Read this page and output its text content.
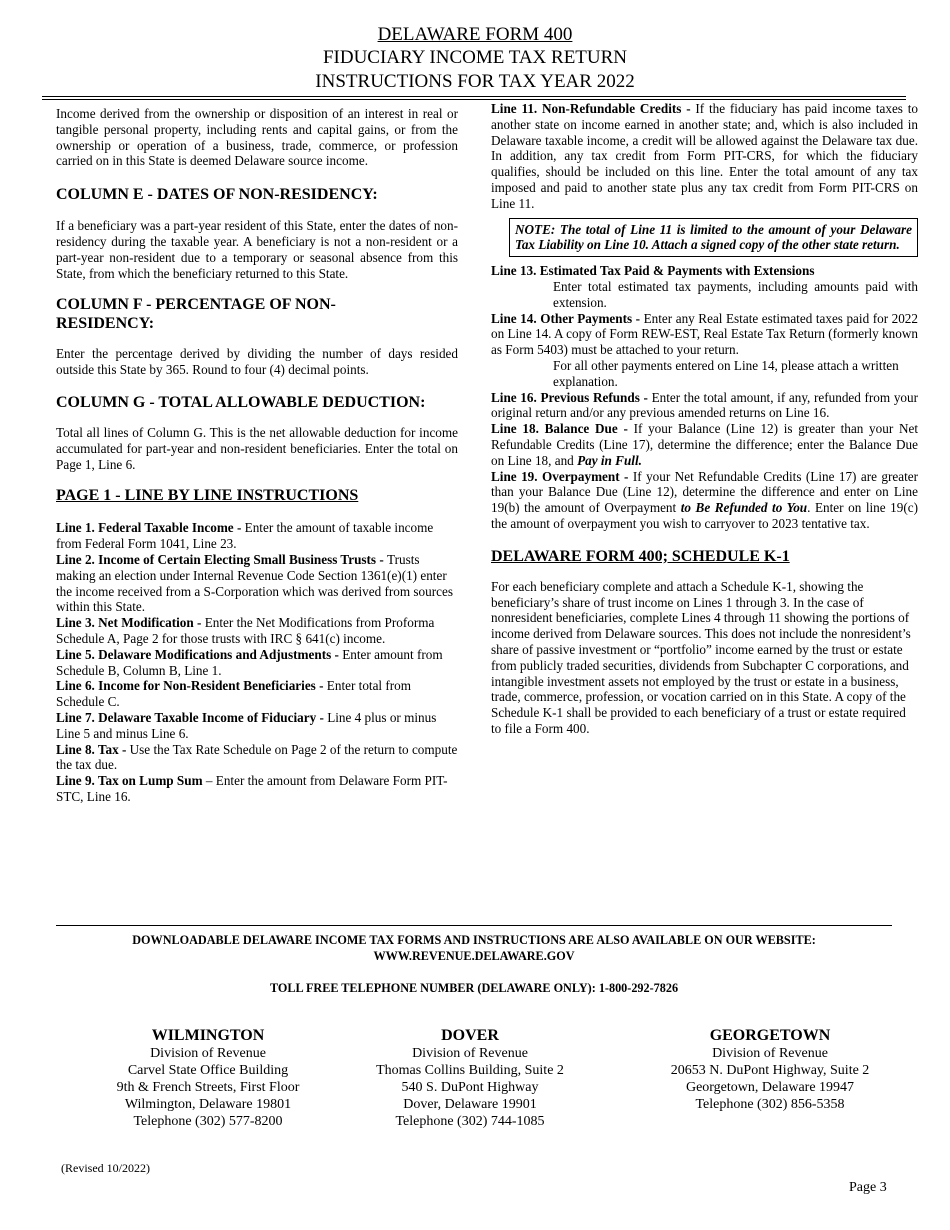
DELAWARE FORM 400
FIDUCIARY INCOME TAX RETURN
INSTRUCTIONS FOR TAX YEAR 2022

Income derived from the ownership or disposition of an interest in real or tangible personal property, including rents and capital gains, or from the ownership or operation of a business, trade, commerce, or profession carried on in this State is deemed Delaware source income.

COLUMN E - DATES OF NON-RESIDENCY:

If a beneficiary was a part-year resident of this State, enter the dates of non-residency during the taxable year. A beneficiary is not a non-resident or a part-year non-resident due to a temporary or seasonal absence from this State, from which the beneficiary returned to this State.

COLUMN F - PERCENTAGE OF NON-RESIDENCY:

Enter the percentage derived by dividing the number of days resided outside this State by 365. Round to four (4) decimal points.

COLUMN G - TOTAL ALLOWABLE DEDUCTION:

Total all lines of Column G. This is the net allowable deduction for income accumulated for part-year and non-resident beneficiaries. Enter the total on Page 1, Line 6.

PAGE 1 - LINE BY LINE INSTRUCTIONS

Line 1. Federal Taxable Income - Enter the amount of taxable income from Federal Form 1041, Line 23.

Line 2. Income of Certain Electing Small Business Trusts - Trusts making an election under Internal Revenue Code Section 1361(e)(1) enter the income received from a S-Corporation which was derived from sources within this State.

Line 3. Net Modification - Enter the Net Modifications from Proforma Schedule A, Page 2 for those trusts with IRC § 641(c) income.

Line 5. Delaware Modifications and Adjustments - Enter amount from Schedule B, Column B, Line 1.

Line 6. Income for Non-Resident Beneficiaries - Enter total from Schedule C.

Line 7. Delaware Taxable Income of Fiduciary - Line 4 plus or minus Line 5 and minus Line 6.

Line 8. Tax - Use the Tax Rate Schedule on Page 2 of the return to compute the tax due.

Line 9. Tax on Lump Sum – Enter the amount from Delaware Form PIT-STC, Line 16.

Line 11. Non-Refundable Credits - If the fiduciary has paid income taxes to another state on income earned in another state; and, which is also included in Delaware taxable income, a credit will be allowed against the Delaware tax due. In addition, any tax credit from Form PIT-CRS, for which the fiduciary qualifies, should be included on this line. Enter the total amount of any tax imposed and paid to another state plus any tax credit from Form PIT-CRS on Line 11.

NOTE: The total of Line 11 is limited to the amount of your Delaware Tax Liability on Line 10. Attach a signed copy of the other state return.

Line 13. Estimated Tax Paid & Payments with Extensions

Enter total estimated tax payments, including amounts paid with extension.

Line 14. Other Payments - Enter any Real Estate estimated taxes paid for 2022 on Line 14. A copy of Form REW-EST, Real Estate Tax Return (formerly known as Form 5403) must be attached to your return.

For all other payments entered on Line 14, please attach a written explanation.

Line 16. Previous Refunds - Enter the total amount, if any, refunded from your original return and/or any previous amended returns on Line 16.

Line 18. Balance Due - If your Balance (Line 12) is greater than your Net Refundable Credits (Line 17), determine the difference; enter the Balance Due on Line 18, and Pay in Full.

Line 19. Overpayment - If your Net Refundable Credits (Line 17) are greater than your Balance Due (Line 12), determine the difference and enter on Line 19(b) the amount of Overpayment to Be Refunded to You. Enter on line 19(c) the amount of overpayment you wish to carryover to 2023 tentative tax.

DELAWARE FORM 400; SCHEDULE K-1

For each beneficiary complete and attach a Schedule K-1, showing the beneficiary’s share of trust income on Lines 1 through 3. In the case of nonresident beneficiaries, complete Lines 4 through 11 showing the portions of income derived from Delaware sources. This does not include the nonresident’s share of passive investment or “portfolio” income earned by the trust or estate from publicly traded securities, dividends from Subchapter C corporations, and intangible investment assets not employed by the trust or estate in a business, trade, commerce, profession, or vocation carried on in this State. A copy of the Schedule K-1 shall be provided to each beneficiary of a trust or estate required to file a Form 400.

DOWNLOADABLE DELAWARE INCOME TAX FORMS AND INSTRUCTIONS ARE ALSO AVAILABLE ON OUR WEBSITE:
WWW.REVENUE.DELAWARE.GOV
TOLL FREE TELEPHONE NUMBER (DELAWARE ONLY): 1-800-292-7826
WILMINGTON
Division of Revenue
Carvel State Office Building
9th & French Streets, First Floor
Wilmington, Delaware 19801
Telephone (302) 577-8200
DOVER
Division of Revenue
Thomas Collins Building, Suite 2
540 S. DuPont Highway
Dover, Delaware 19901
Telephone (302) 744-1085
GEORGETOWN
Division of Revenue
20653 N. DuPont Highway, Suite 2
Georgetown, Delaware 19947
Telephone (302) 856-5358
(Revised 10/2022)
Page 3
